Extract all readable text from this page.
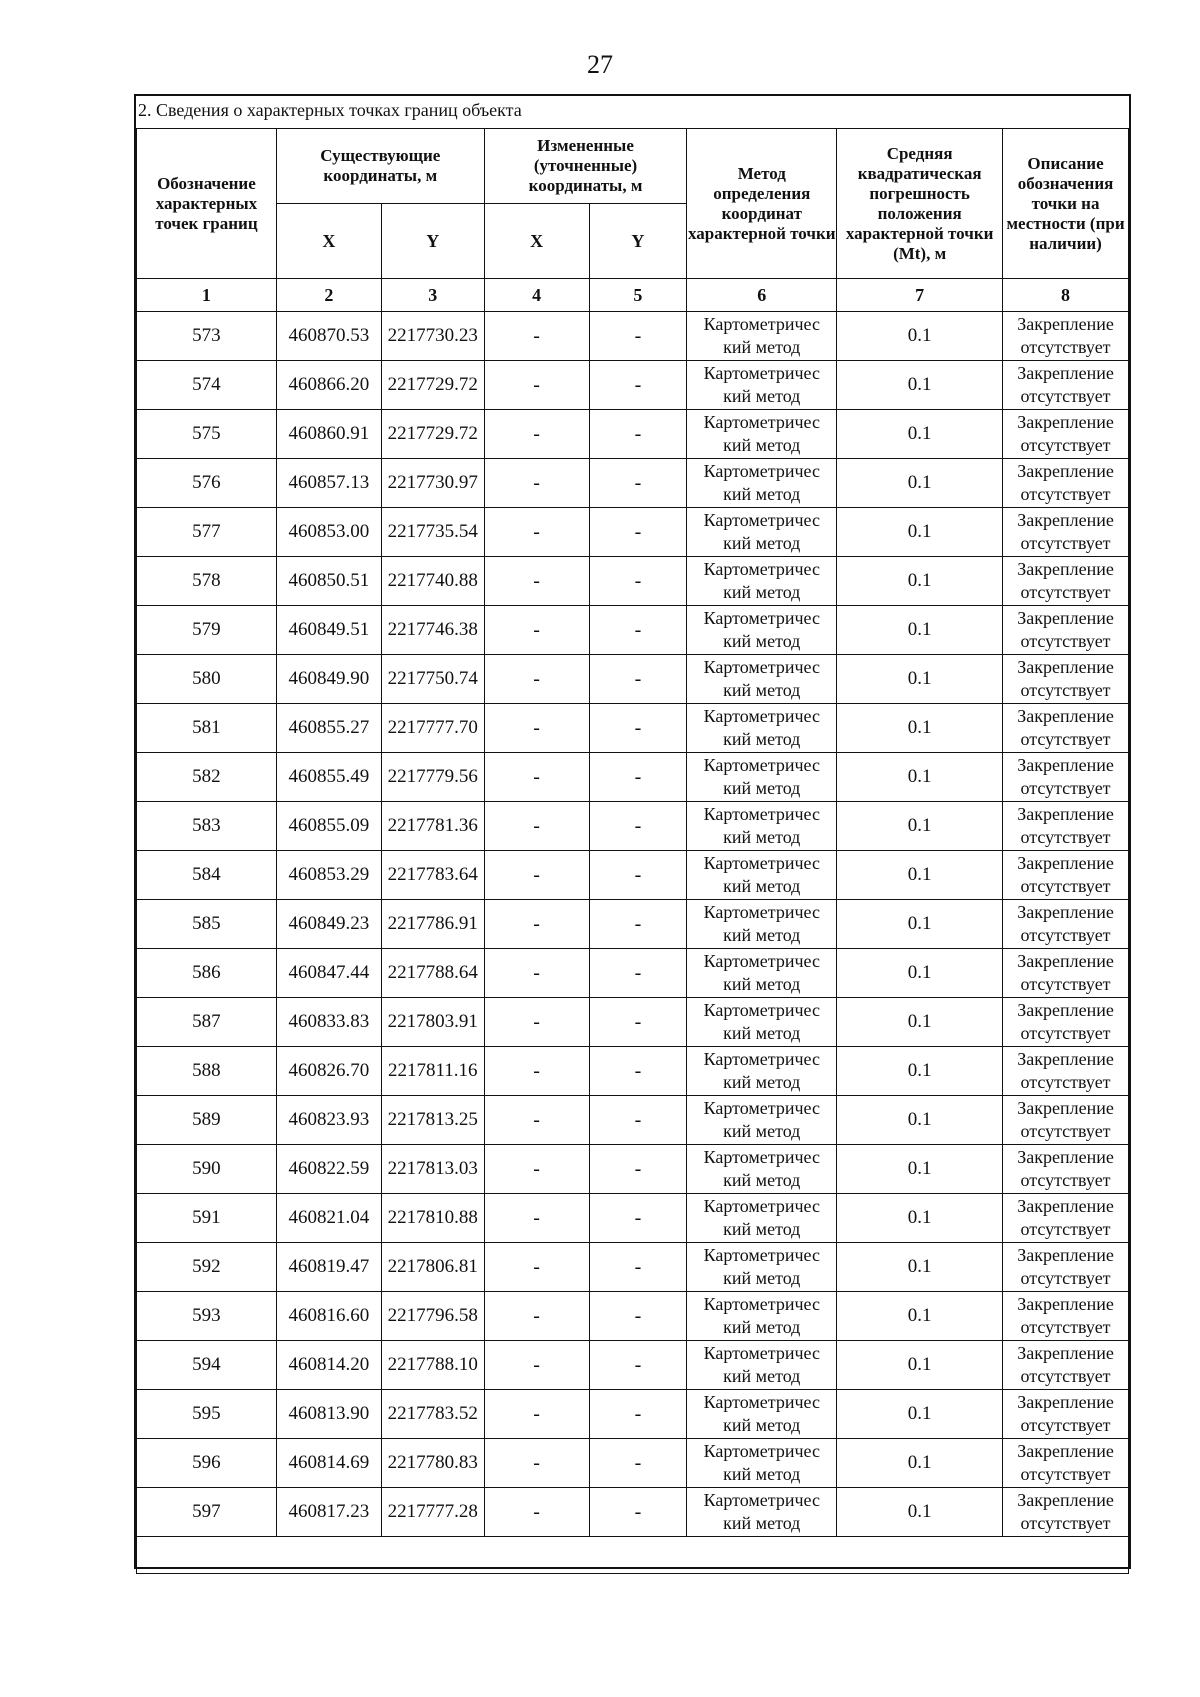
27
2. Сведения о характерных точках границ объекта
Обозначение характерных точек границ	Существующие координаты, м		Измененные (уточненные) координаты, м		Метод определения координат характерной точки	Средняя квадратическая погрешность положения характерной точки (Mt), м	Описание обозначения точки на местности (при наличии)
	X	Y	X	Y			
1	2	3	4	5	6	7	8
573	460870.53	2217730.23	-	-	Картометричес кий метод	0.1	Закрепление отсутствует
574	460866.20	2217729.72	-	-	Картометричес кий метод	0.1	Закрепление отсутствует
575	460860.91	2217729.72	-	-	Картометричес кий метод	0.1	Закрепление отсутствует
576	460857.13	2217730.97	-	-	Картометричес кий метод	0.1	Закрепление отсутствует
577	460853.00	2217735.54	-	-	Картометричес кий метод	0.1	Закрепление отсутствует
578	460850.51	2217740.88	-	-	Картометричес кий метод	0.1	Закрепление отсутствует
579	460849.51	2217746.38	-	-	Картометричес кий метод	0.1	Закрепление отсутствует
580	460849.90	2217750.74	-	-	Картометричес кий метод	0.1	Закрепление отсутствует
581	460855.27	2217777.70	-	-	Картометричес кий метод	0.1	Закрепление отсутствует
582	460855.49	2217779.56	-	-	Картометричес кий метод	0.1	Закрепление отсутствует
583	460855.09	2217781.36	-	-	Картометричес кий метод	0.1	Закрепление отсутствует
584	460853.29	2217783.64	-	-	Картометричес кий метод	0.1	Закрепление отсутствует
585	460849.23	2217786.91	-	-	Картометричес кий метод	0.1	Закрепление отсутствует
586	460847.44	2217788.64	-	-	Картометричес кий метод	0.1	Закрепление отсутствует
587	460833.83	2217803.91	-	-	Картометричес кий метод	0.1	Закрепление отсутствует
588	460826.70	2217811.16	-	-	Картометричес кий метод	0.1	Закрепление отсутствует
589	460823.93	2217813.25	-	-	Картометричес кий метод	0.1	Закрепление отсутствует
590	460822.59	2217813.03	-	-	Картометричес кий метод	0.1	Закрепление отсутствует
591	460821.04	2217810.88	-	-	Картометричес кий метод	0.1	Закрепление отсутствует
592	460819.47	2217806.81	-	-	Картометричес кий метод	0.1	Закрепление отсутствует
593	460816.60	2217796.58	-	-	Картометричес кий метод	0.1	Закрепление отсутствует
594	460814.20	2217788.10	-	-	Картометричес кий метод	0.1	Закрепление отсутствует
595	460813.90	2217783.52	-	-	Картометричес кий метод	0.1	Закрепление отсутствует
596	460814.69	2217780.83	-	-	Картометричес кий метод	0.1	Закрепление отсутствует
597	460817.23	2217777.28	-	-	Картометричес кий метод	0.1	Закрепление отсутствует
